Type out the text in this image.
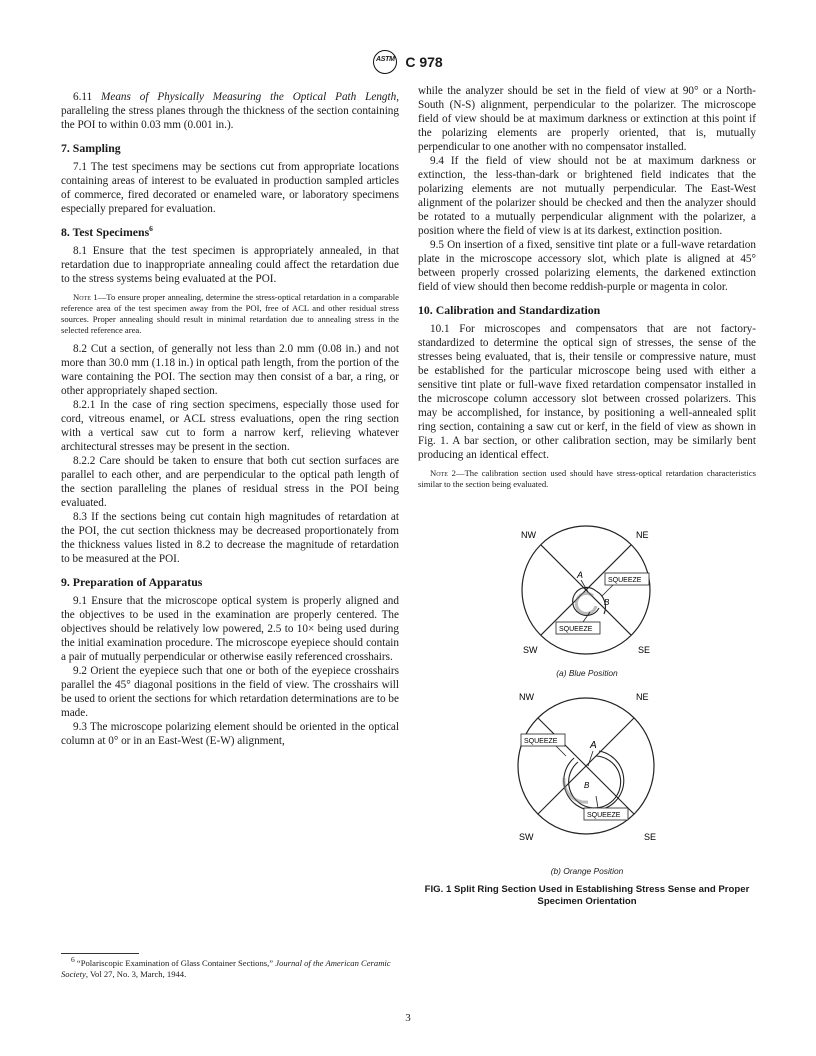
ASTM C 978

6.11 Means of Physically Measuring the Optical Path Length, paralleling the stress planes through the thickness of the section containing the POI to within 0.03 mm (0.001 in.).

7. Sampling

7.1 The test specimens may be sections cut from appropriate locations containing areas of interest to be evaluated in production sampled articles of commerce, fired decorated or enameled ware, or laboratory specimens especially prepared for evaluation.

8. Test Specimens$^6$

8.1 Ensure that the test specimen is appropriately annealed, in that retardation due to inappropriate annealing could affect the retardation due to the stress systems being evaluated at the POI.

Note 1—To ensure proper annealing, determine the stress-optical retardation in a comparable reference area of the test specimen away from the POI, free of ACL and other residual stress sources. Proper annealing should result in minimal retardation due to annealing stress in the selected reference area.

8.2 Cut a section, of generally not less than 2.0 mm (0.08 in.) and not more than 30.0 mm (1.18 in.) in optical path length, from the portion of the ware containing the POI. The section may then consist of a bar, a ring, or other appropriately shaped section.

8.2.1 In the case of ring section specimens, especially those used for cord, vitreous enamel, or ACL stress evaluations, open the ring section with a vertical saw cut to form a narrow kerf, relieving whatever architectural stresses may be present in the section.

8.2.2 Care should be taken to ensure that both cut section surfaces are parallel to each other, and are perpendicular to the optical path length of the section paralleling the planes of residual stress in the POI being evaluated.

8.3 If the sections being cut contain high magnitudes of retardation at the POI, the cut section thickness may be decreased proportionately from the thickness values listed in 8.2 to decrease the magnitude of retardation to be measured at the POI.

9. Preparation of Apparatus

9.1 Ensure that the microscope optical system is properly aligned and the objectives to be used in the examination are properly centered. The objectives should be relatively low powered, 2.5 to 10× being used during the initial examination procedure. The microscope eyepiece should contain a pair of mutually perpendicular or otherwise easily referenced crosshairs.

9.2 Orient the eyepiece such that one or both of the eyepiece crosshairs parallel the 45° diagonal positions in the field of view. The crosshairs will be used to orient the sections for which retardation determinations are to be made.

9.3 The microscope polarizing element should be oriented in the optical column at 0° or in an East-West (E-W) alignment,

while the analyzer should be set in the field of view at 90° or a North-South (N-S) alignment, perpendicular to the polarizer. The microscope field of view should be at maximum darkness or extinction at this point if the polarizing elements are properly oriented, that is, mutually perpendicular to one another with no compensator installed.

9.4 If the field of view should not be at maximum darkness or extinction, the less-than-dark or brightened field indicates that the polarizing elements are not mutually perpendicular. The East-West alignment of the polarizer should be checked and then the analyzer should be rotated to a mutually perpendicular alignment with the polarizer, a position where the field of view is at its darkest, extinction position.

9.5 On insertion of a fixed, sensitive tint plate or a full-wave retardation plate in the microscope accessory slot, which plate is aligned at 45° between properly crossed polarizing elements, the darkened extinction field of view should then become reddish-purple or magenta in color.

10. Calibration and Standardization

10.1 For microscopes and compensators that are not factory-standardized to determine the optical sign of stresses, the sense of the stresses being evaluated, that is, their tensile or compressive nature, must be established for the particular microscope being used with either a sensitive tint plate or full-wave fixed retardation compensator installed in the microscope column accessory slot between crossed polarizers. This may be accomplished, for instance, by positioning a well-annealed split ring section, containing a saw cut or kerf, in the field of view as shown in Fig. 1. A bar section, or other calibration section, may be similarly bent producing an identical effect.

Note 2—The calibration section used should have stress-optical retardation characteristics similar to the section being evaluated.

NW	NE
SW	SE
A
B
SQUEEZE
SQUEEZE
(a) Blue Position
NW	NE
SW	SE
A
B
SQUEEZE
SQUEEZE
(b) Orange Position
FIG. 1 Split Ring Section Used in Establishing Stress Sense and Proper Specimen Orientation

$^6$ “Polariscopic Examination of Glass Container Sections,” Journal of the American Ceramic Society, Vol 27, No. 3, March, 1944.

3
